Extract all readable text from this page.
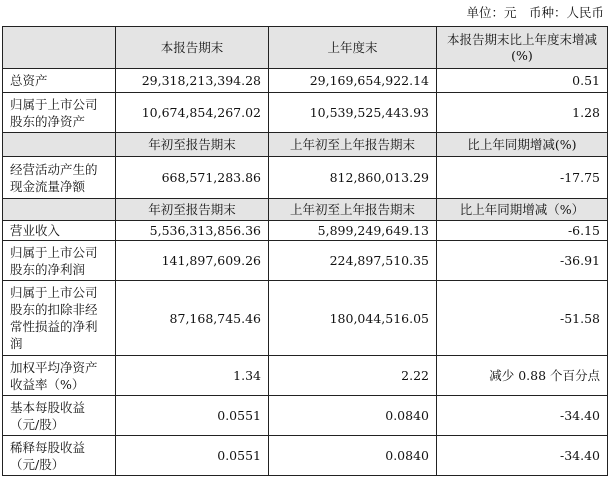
单位：元　币种：人民币
	本报告期末	上年度末	本报告期末比上年度末增减(%)
总资产	29,318,213,394.28	29,169,654,922.14	0.51
归属于上市公司股东的净资产	10,674,854,267.02	10,539,525,443.93	1.28
	年初至报告期末	上年初至上年报告期末	比上年同期增减(%)
经营活动产生的现金流量净额	668,571,283.86	812,860,013.29	-17.75
	年初至报告期末	上年初至上年报告期末	比上年同期增减（%）
营业收入	5,536,313,856.36	5,899,249,649.13	-6.15
归属于上市公司股东的净利润	141,897,609.26	224,897,510.35	-36.91
归属于上市公司股东的扣除非经常性损益的净利润	87,168,745.46	180,044,516.05	-51.58
加权平均净资产收益率（%）	1.34	2.22	减少 0.88 个百分点
基本每股收益（元/股）	0.0551	0.0840	-34.40
稀释每股收益（元/股）	0.0551	0.0840	-34.40
